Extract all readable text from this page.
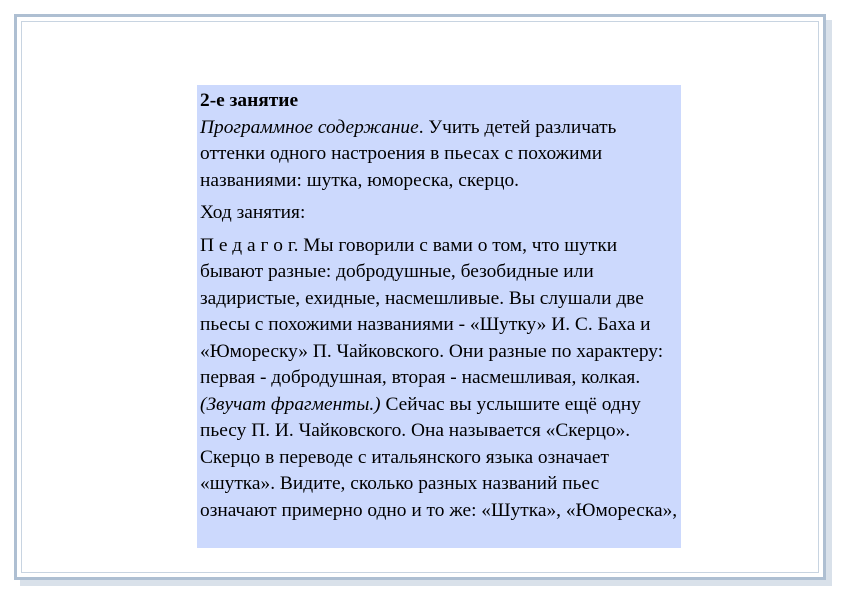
2-е занятие

Программное содержание. Учить детей различать оттенки одного настроения в пьесах с похожими названиями: шутка, юмореска, скерцо.

Ход занятия:

П е д а г о г. Мы говорили с вами о том, что шутки бывают разные: добродушные, безобидные или задиристые, ехидные, насмешливые. Вы слушали две пьесы с похожими названиями - «Шутку» И. С. Баха и «Юмореску» П. Чайковского. Они разные по характеру: первая - добродушная, вторая - насмешливая, колкая. (Звучат фрагменты.) Сейчас вы услышите ещё одну пьесу П. И. Чайковского. Она называется «Скерцо». Скерцо в переводе с итальянского языка означает «шутка». Видите, сколько разных названий пьес означают примерно одно и то же: «Шутка», «Юмореска»,
